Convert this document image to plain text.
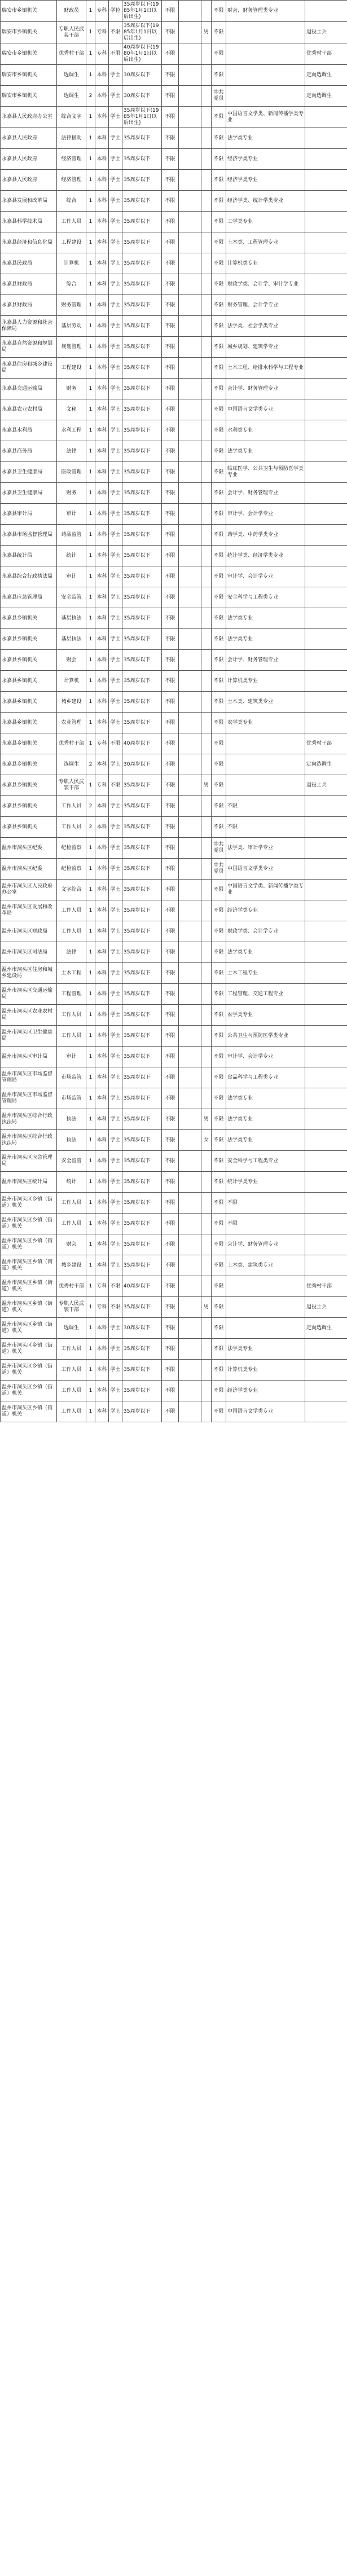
瑞安市乡镇机关	财政员	1	专科	学位	35周岁以下(1985年1月1日以后出生)	不限			不限	财会、财务管理类专业	
瑞安市乡镇机关	专职人民武装干部	1	专科	不限	35周岁以下(1985年1月1日以后出生)	不限		男	不限		退役士兵
瑞安市乡镇机关	优秀村干部	1	专科	不限	40周岁以下(1980年1月1日以后出生)	不限			不限		优秀村干部
瑞安市乡镇机关	选调生	1	本科	学士	30周岁以下	不限			不限		定向选调生
瑞安市乡镇机关	选调生	2	本科	学士	30周岁以下	不限			中共党员		定向选调生
永嘉县人民政府办公室	综合文字	1	本科	学士	35周岁以下(1985年1月1日以后出生)	不限			不限	中国语言文学类、新闻传播学类专业	
永嘉县人民政府	法律援助	1	本科	学士	35周岁以下	不限			不限	法学类专业	
永嘉县人民政府	经济管理	1	本科	学士	35周岁以下	不限			不限	经济学类专业	
永嘉县人民政府	经济管理	1	本科	学士	35周岁以下	不限			不限	经济学类专业	
永嘉县发展和改革局	综合	1	本科	学士	35周岁以下	不限			不限	经济学类、统计学类专业	
永嘉县科学技术局	工作人员	1	本科	学士	35周岁以下	不限			不限	工学类专业	
永嘉县经济和信息化局	工程建设	1	本科	学士	35周岁以下	不限			不限	土木类、工程管理专业	
永嘉县民政局	计算机	1	本科	学士	35周岁以下	不限			不限	计算机类专业	
永嘉县财政局	综合	1	本科	学士	35周岁以下	不限			不限	财政学类、会计学、审计学专业	
永嘉县财政局	财务管理	1	本科	学士	35周岁以下	不限			不限	财务管理、会计学专业	
永嘉县人力资源和社会保障局	基层劳动	1	本科	学士	35周岁以下	不限			不限	法学类、社会学类专业	
永嘉县自然资源和规划局	规划管理	1	本科	学士	35周岁以下	不限			不限	城乡规划、建筑学专业	
永嘉县住房和城乡建设局	工程建设	1	本科	学士	35周岁以下	不限			不限	土木工程、给排水科学与工程专业	
永嘉县交通运输局	财务	1	本科	学士	35周岁以下	不限			不限	会计学、财务管理专业	
永嘉县农业农村局	文秘	1	本科	学士	35周岁以下	不限			不限	中国语言文学类专业	
永嘉县水利局	水利工程	1	本科	学士	35周岁以下	不限			不限	水利类专业	
永嘉县商务局	法律	1	本科	学士	35周岁以下	不限			不限	法学类专业	
永嘉县卫生健康局	医政管理	1	本科	学士	35周岁以下	不限			不限	临床医学、公共卫生与预防医学类专业	
永嘉县卫生健康局	财务	1	本科	学士	35周岁以下	不限			不限	会计学、财务管理专业	
永嘉县审计局	审计	1	本科	学士	35周岁以下	不限			不限	审计学、会计学专业	
永嘉县市场监督管理局	药品监管	1	本科	学士	35周岁以下	不限			不限	药学类、中药学类专业	
永嘉县统计局	统计	1	本科	学士	35周岁以下	不限			不限	统计学类、经济学类专业	
永嘉县综合行政执法局	审计	1	本科	学士	35周岁以下	不限			不限	审计学、会计学专业	
永嘉县应急管理局	安全监管	1	本科	学士	35周岁以下	不限			不限	安全科学与工程类专业	
永嘉县乡镇机关	基层执法	1	本科	学士	35周岁以下	不限			不限	法学类专业	
永嘉县乡镇机关	基层执法	1	本科	学士	35周岁以下	不限			不限	法学类专业	
永嘉县乡镇机关	财会	1	本科	学士	35周岁以下	不限			不限	会计学、财务管理专业	
永嘉县乡镇机关	计算机	1	本科	学士	35周岁以下	不限			不限	计算机类专业	
永嘉县乡镇机关	城乡建设	1	本科	学士	35周岁以下	不限			不限	土木类、建筑类专业	
永嘉县乡镇机关	农业管理	1	本科	学士	35周岁以下	不限			不限	农学类专业	
永嘉县乡镇机关	优秀村干部	1	专科	不限	40周岁以下	不限			不限		优秀村干部
永嘉县乡镇机关	选调生	2	本科	学士	30周岁以下	不限			不限		定向选调生
永嘉县乡镇机关	专职人民武装干部	1	专科	不限	35周岁以下	不限		男	不限		退役士兵
永嘉县乡镇机关	工作人员	2	本科	学士	35周岁以下	不限			不限	不限	
永嘉县乡镇机关	工作人员	2	本科	学士	35周岁以下	不限			不限	不限	
温州市洞头区纪委	纪检监察	1	本科	学士	35周岁以下	不限			中共党员	法学类、审计学专业	
温州市洞头区纪委	纪检监察	1	本科	学士	35周岁以下	不限			中共党员	中国语言文学类专业	
温州市洞头区人民政府办公室	文字综合	1	本科	学士	35周岁以下	不限			不限	中国语言文学类、新闻传播学类专业	
温州市洞头区发展和改革局	工作人员	1	本科	学士	35周岁以下	不限			不限	经济学类专业	
温州市洞头区财政局	工作人员	1	本科	学士	35周岁以下	不限			不限	财政学类、会计学专业	
温州市洞头区司法局	法律	1	本科	学士	35周岁以下	不限			不限	法学类专业	
温州市洞头区住房和城乡建设局	土木工程	1	本科	学士	35周岁以下	不限			不限	土木工程专业	
温州市洞头区交通运输局	工程管理	1	本科	学士	35周岁以下	不限			不限	工程管理、交通工程专业	
温州市洞头区农业农村局	工作人员	1	本科	学士	35周岁以下	不限			不限	农学类专业	
温州市洞头区卫生健康局	工作人员	1	本科	学士	35周岁以下	不限			不限	公共卫生与预防医学类专业	
温州市洞头区审计局	审计	1	本科	学士	35周岁以下	不限			不限	审计学、会计学专业	
温州市洞头区市场监督管理局	市场监管	1	本科	学士	35周岁以下	不限			不限	食品科学与工程类专业	
温州市洞头区市场监督管理局	市场监管	1	本科	学士	35周岁以下	不限			不限	法学类专业	
温州市洞头区综合行政执法局	执法	1	本科	学士	35周岁以下	不限		男	不限	法学类专业	
温州市洞头区综合行政执法局	执法	1	本科	学士	35周岁以下	不限		女	不限	法学类专业	
温州市洞头区应急管理局	安全监管	1	本科	学士	35周岁以下	不限			不限	安全科学与工程类专业	
温州市洞头区统计局	统计	1	本科	学士	35周岁以下	不限			不限	统计学类专业	
温州市洞头区乡镇（街道）机关	工作人员	1	本科	学士	35周岁以下	不限			不限	不限	
温州市洞头区乡镇（街道）机关	工作人员	1	本科	学士	35周岁以下	不限			不限	不限	
温州市洞头区乡镇（街道）机关	财会	1	本科	学士	35周岁以下	不限			不限	会计学、财务管理专业	
温州市洞头区乡镇（街道）机关	城乡建设	1	本科	学士	35周岁以下	不限			不限	土木类、建筑类专业	
温州市洞头区乡镇（街道）机关	优秀村干部	1	专科	不限	40周岁以下	不限			不限		优秀村干部
温州市洞头区乡镇（街道）机关	专职人民武装干部	1	专科	不限	35周岁以下	不限		男	不限		退役士兵
温州市洞头区乡镇（街道）机关	选调生	1	本科	学士	30周岁以下	不限			不限		定向选调生
温州市洞头区乡镇（街道）机关	工作人员	1	本科	学士	35周岁以下	不限			不限	法学类专业	
温州市洞头区乡镇（街道）机关	工作人员	1	本科	学士	35周岁以下	不限			不限	计算机类专业	
温州市洞头区乡镇（街道）机关	工作人员	1	本科	学士	35周岁以下	不限			不限	经济学类专业	
温州市洞头区乡镇（街道）机关	工作人员	1	本科	学士	35周岁以下	不限			不限	中国语言文学类专业	
